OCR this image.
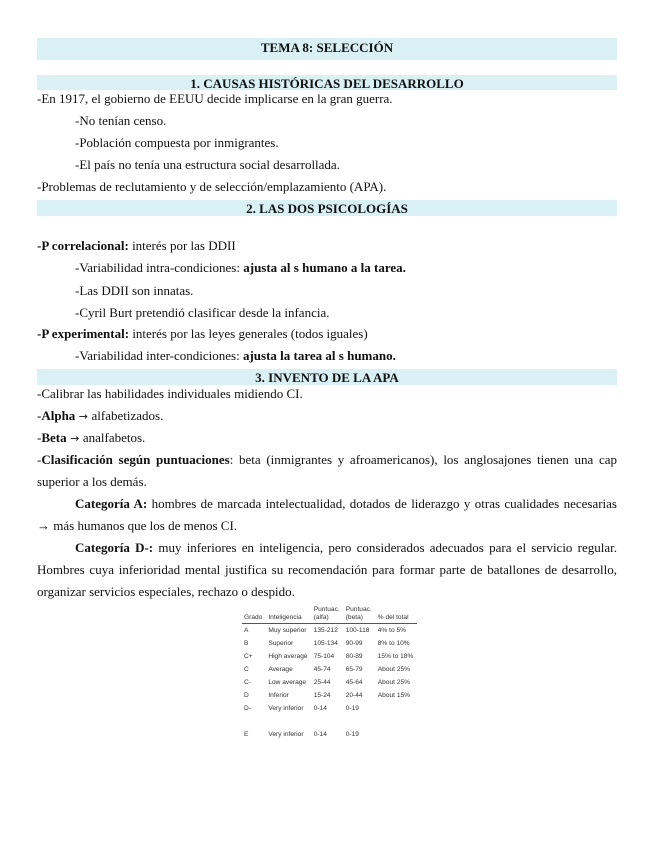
TEMA 8: SELECCIÓN
1. CAUSAS HISTÓRICAS DEL DESARROLLO
-En 1917, el gobierno de EEUU decide implicarse en la gran guerra.
-No tenían censo.
-Población compuesta por inmigrantes.
-El país no tenía una estructura social desarrollada.
-Problemas de reclutamiento y de selección/emplazamiento (APA).
2. LAS DOS PSICOLOGÍAS
-P correlacional: interés por las DDII
-Variabilidad intra-condiciones: ajusta al s humano a la tarea.
-Las DDII son innatas.
-Cyril Burt pretendió clasificar desde la infancia.
-P experimental: interés por las leyes generales (todos iguales)
-Variabilidad inter-condiciones: ajusta la tarea al s humano.
3. INVENTO DE LA APA
-Calibrar las habilidades individuales midiendo CI.
-Alpha → alfabetizados.
-Beta → analfabetos.
-Clasificación según puntuaciones: beta (inmigrantes y afroamericanos), los anglosajones tienen una cap superior a los demás.
Categoría A: hombres de marcada intelectualidad, dotados de liderazgo y otras cualidades necesarias → más humanos que los de menos CI.
Categoría D-: muy inferiores en inteligencia, pero considerados adecuados para el servicio regular. Hombres cuya inferioridad mental justifica su recomendación para formar parte de batallones de desarrollo, organizar servicios especiales, rechazo o despido.
Grado	Inteligencia	Puntuac. (alfa)	Puntuac. (beta)	% del total
A	Muy superior	135-212	100-118	4% to 5%
B	Superior	105-134	90-99	8% to 10%
C+	High average	75-104	80-89	15% to 18%
C	Average	45-74	65-79	About 25%
C-	Low average	25-44	45-64	About 25%
D	Inferior	15-24	20-44	About 15%
D-	Very inferior	0-14	0-19	
E	Very inferior	0-14	0-19	
